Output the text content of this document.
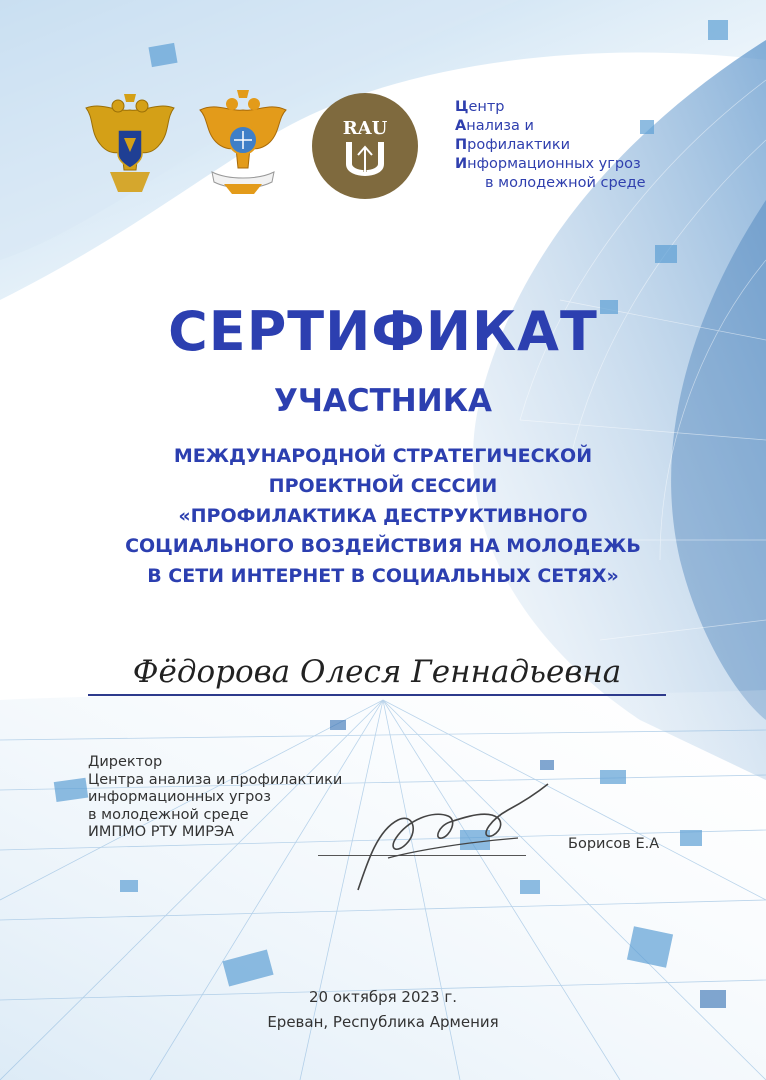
RAU
Центр
Анализа и
Профилактики
Информационных угроз
в молодежной среде
СЕРТИФИКАТ
УЧАСТНИКА
МЕЖДУНАРОДНОЙ СТРАТЕГИЧЕСКОЙ
ПРОЕКТНОЙ СЕССИИ
«ПРОФИЛАКТИКА ДЕСТРУКТИВНОГО
СОЦИАЛЬНОГО ВОЗДЕЙСТВИЯ НА МОЛОДЕЖЬ
В СЕТИ ИНТЕРНЕТ В СОЦИАЛЬНЫХ СЕТЯХ»
Фёдорова Олеся Геннадьевна
Директор
Центра анализа и профилактики
информационных угроз
в молодежной среде
ИМПМО РТУ МИРЭА
Борисов Е.А
20 октября 2023 г.
Ереван, Республика Армения
